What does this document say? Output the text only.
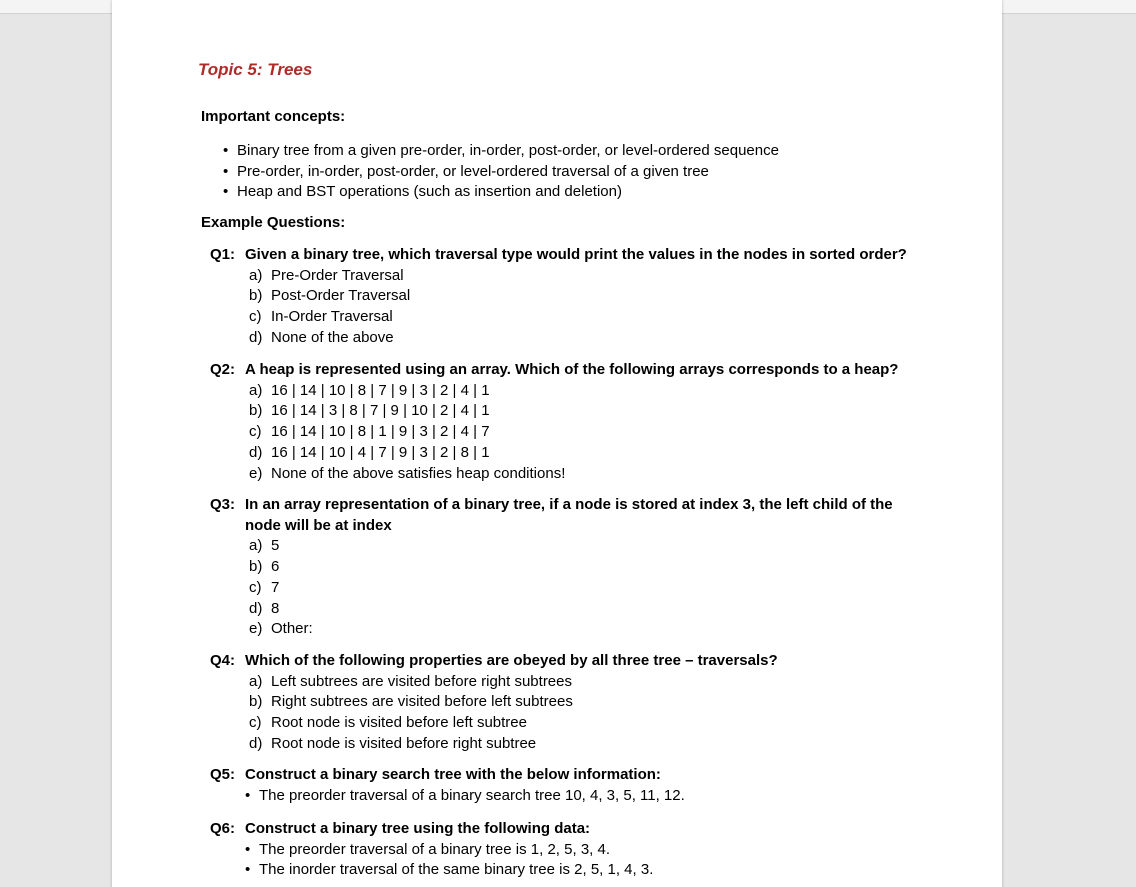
Topic 5: Trees
Important concepts:
• Binary tree from a given pre-order, in-order, post-order, or level-ordered sequence
• Pre-order, in-order, post-order, or level-ordered traversal of a given tree
• Heap and BST operations (such as insertion and deletion)
Example Questions:
Q1: Given a binary tree, which traversal type would print the values in the nodes in sorted order?
a) Pre-Order Traversal
b) Post-Order Traversal
c) In-Order Traversal
d) None of the above
Q2: A heap is represented using an array. Which of the following arrays corresponds to a heap?
a) 16 | 14 | 10 | 8 | 7 | 9 | 3 | 2 | 4 | 1
b) 16 | 14 | 3 | 8 | 7 | 9 | 10 | 2 | 4 | 1
c) 16 | 14 | 10 | 8 | 1 | 9 | 3 | 2 | 4 | 7
d) 16 | 14 | 10 | 4 | 7 | 9 | 3 | 2 | 8 | 1
e) None of the above satisfies heap conditions!
Q3: In an array representation of a binary tree, if a node is stored at index 3, the left child of the node will be at index
a) 5
b) 6
c) 7
d) 8
e) Other:
Q4: Which of the following properties are obeyed by all three tree – traversals?
a) Left subtrees are visited before right subtrees
b) Right subtrees are visited before left subtrees
c) Root node is visited before left subtree
d) Root node is visited before right subtree
Q5: Construct a binary search tree with the below information:
• The preorder traversal of a binary search tree 10, 4, 3, 5, 11, 12.
Q6: Construct a binary tree using the following data:
• The preorder traversal of a binary tree is 1, 2, 5, 3, 4.
• The inorder traversal of the same binary tree is 2, 5, 1, 4, 3.
